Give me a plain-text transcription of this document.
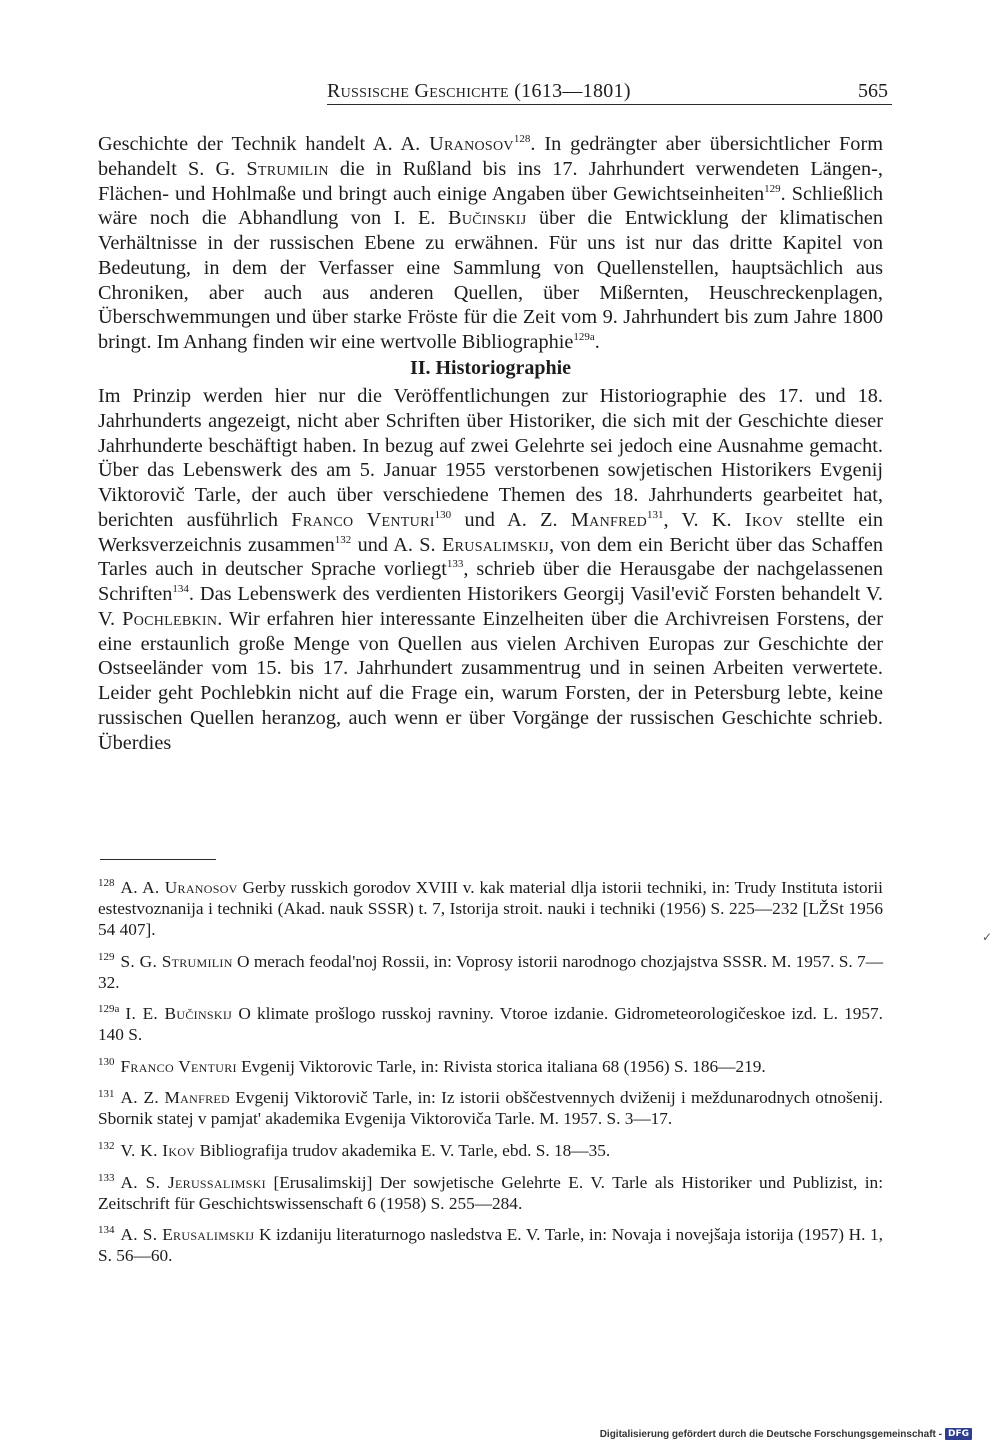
Russische Geschichte (1613—1801)	565

Geschichte der Technik handelt A. A. Uranosov$^{128}$. In gedrängter aber übersichtlicher Form behandelt S. G. Strumilin die in Rußland bis ins 17. Jahrhundert verwendeten Längen-, Flächen- und Hohlmaße und bringt auch einige Angaben über Gewichtseinheiten$^{129}$. Schließlich wäre noch die Abhandlung von I. E. Bučinskij über die Entwicklung der klimatischen Verhältnisse in der russischen Ebene zu erwähnen. Für uns ist nur das dritte Kapitel von Bedeutung, in dem der Verfasser eine Sammlung von Quellenstellen, hauptsächlich aus Chroniken, aber auch aus anderen Quellen, über Mißernten, Heuschreckenplagen, Überschwemmungen und über starke Fröste für die Zeit vom 9. Jahrhundert bis zum Jahre 1800 bringt. Im Anhang finden wir eine wertvolle Bibliographie$^{129a}$.

II. Historiographie

Im Prinzip werden hier nur die Veröffentlichungen zur Historiographie des 17. und 18. Jahrhunderts angezeigt, nicht aber Schriften über Historiker, die sich mit der Geschichte dieser Jahrhunderte beschäftigt haben. In bezug auf zwei Gelehrte sei jedoch eine Ausnahme gemacht. Über das Lebenswerk des am 5. Januar 1955 verstorbenen sowjetischen Historikers Evgenij Viktorovič Tarle, der auch über verschiedene Themen des 18. Jahrhunderts gearbeitet hat, berichten ausführlich Franco Venturi$^{130}$ und A. Z. Manfred$^{131}$, V. K. Ikov stellte ein Werksverzeichnis zusammen$^{132}$ und A. S. Erusalimskij, von dem ein Bericht über das Schaffen Tarles auch in deutscher Sprache vorliegt$^{133}$, schrieb über die Herausgabe der nachgelassenen Schriften$^{134}$. Das Lebenswerk des verdienten Historikers Georgij Vasil'evič Forsten behandelt V. V. Pochlebkin. Wir erfahren hier interessante Einzelheiten über die Archivreisen Forstens, der eine erstaunlich große Menge von Quellen aus vielen Archiven Europas zur Geschichte der Ostseeländer vom 15. bis 17. Jahrhundert zusammentrug und in seinen Arbeiten verwertete. Leider geht Pochlebkin nicht auf die Frage ein, warum Forsten, der in Petersburg lebte, keine russischen Quellen heranzog, auch wenn er über Vorgänge der russischen Geschichte schrieb. Überdies

$^{128}$ A. A. Uranosov Gerby russkich gorodov XVIII v. kak material dlja istorii techniki, in: Trudy Instituta istorii estestvoznanija i techniki (Akad. nauk SSSR) t. 7, Istorija stroit. nauki i techniki (1956) S. 225—232 [LŽSt 1956 54 407].

$^{129}$ S. G. Strumilin O merach feodal'noj Rossii, in: Voprosy istorii narodnogo chozjajstva SSSR. M. 1957. S. 7—32.

$^{129a}$ I. E. Bučinskij O klimate prošlogo russkoj ravniny. Vtoroe izdanie. Gidrometeorologičeskoe izd. L. 1957. 140 S.

$^{130}$ Franco Venturi Evgenij Viktorovic Tarle, in: Rivista storica italiana 68 (1956) S. 186—219.

$^{131}$ A. Z. Manfred Evgenij Viktorovič Tarle, in: Iz istorii obščestvennych dviženij i meždunarodnych otnošenij. Sbornik statej v pamjat' akademika Evgenija Viktoroviča Tarle. M. 1957. S. 3—17.

$^{132}$ V. K. Ikov Bibliografija trudov akademika E. V. Tarle, ebd. S. 18—35.

$^{133}$ A. S. Jerussalimski [Erusalimskij] Der sowjetische Gelehrte E. V. Tarle als Historiker und Publizist, in: Zeitschrift für Geschichtswissenschaft 6 (1958) S. 255—284.

$^{134}$ A. S. Erusalimskij K izdaniju literaturnogo nasledstva E. V. Tarle, in: Novaja i novejšaja istorija (1957) H. 1, S. 56—60.

✓
Digitalisierung gefördert durch die Deutsche Forschungsgemeinschaft - DFG
